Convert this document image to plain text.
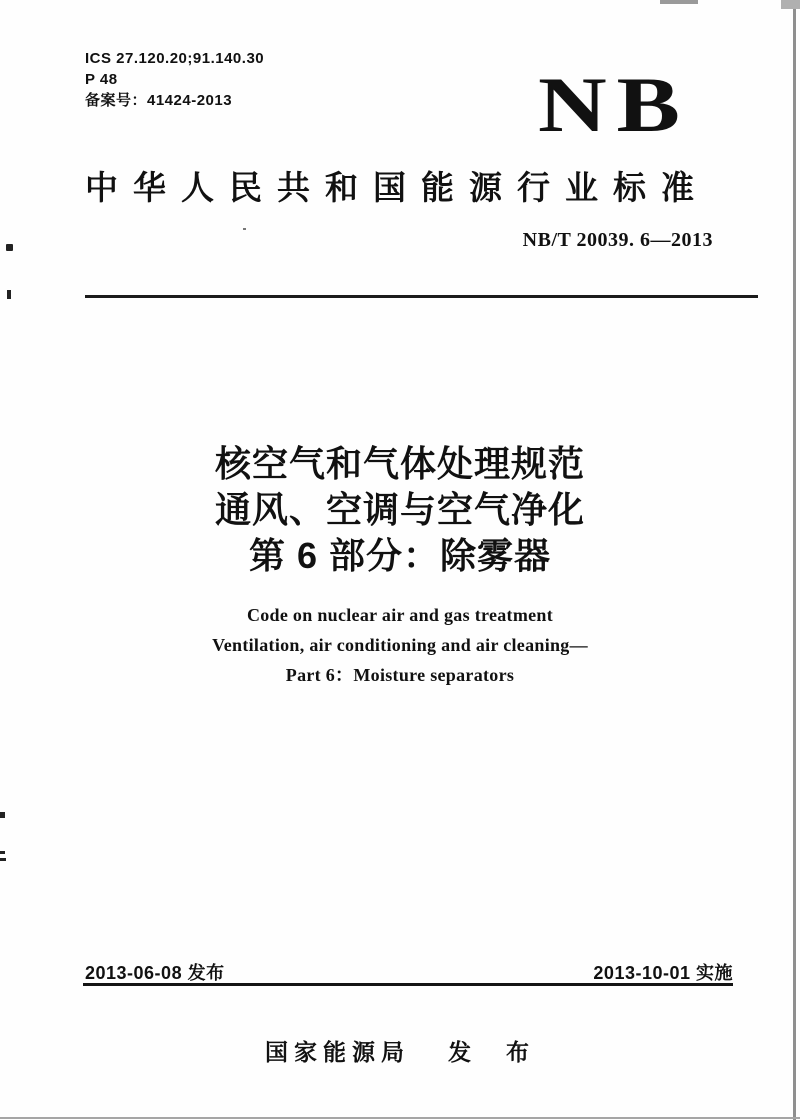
ICS 27.120.20;91.140.30
P 48
备案号：41424-2013	NB
中华人民共和国能源行业标准
NB/T 20039. 6—2013
核空气和气体处理规范
通风、空调与空气净化
第 6 部分：除雾器
Code on nuclear air and gas treatment
Ventilation, air conditioning and air cleaning—
Part 6：Moisture separators
2013-06-08 发布	2013-10-01 实施
国家能源局 发　布
